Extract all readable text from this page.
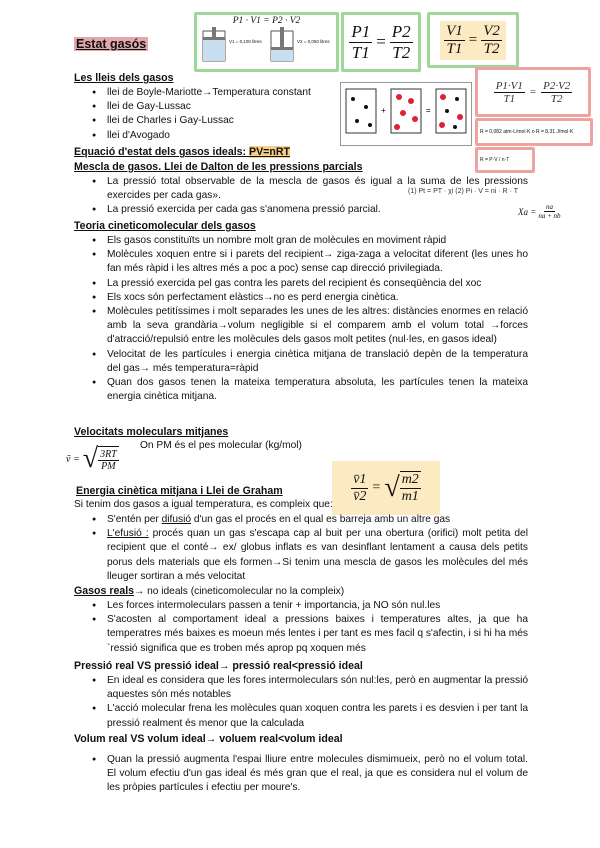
Estat gasós
P1 · V1 = P2 · V2
V1 = 0,100 litres	V2 = 0,050 litres	$\frac{P1}{T1} = \frac{P2}{T2} \frac{V1}{T1} = \frac{V2}{T2}$
$\frac{P1\cdot V1}{T1} = \frac{P2\cdot V2}{T2}$
+	=
R = 0,082 atm·L/mol·K o R = 8,31 J/mol·K
R = P·V / n·T
Les lleis dels gasos
● llei de Boyle-Mariotte→Temperatura constant
● llei de Gay-Lussac
● llei de Charles i Gay-Lussac
● llei d'Avogado
Equació d'estat dels gasos ideals: PV=nRT
Mescla de gasos. Llei de Dalton de les pressions parcials
● La pressió total observable de la mescla de gasos és igual a la suma de les pressions exercides per cada gas».
● La pressió exercida per cada gas s'anomena pressió parcial.
(1) Pt = PT · χi (2) Pi · V = ni · R · T
$Xa = \frac{na}{na + nb}$
Teoria cineticomolecular dels gasos
● Els gasos constituïts un nombre molt gran de molècules en moviment ràpid
● Molècules xoquen entre si i parets del recipient→ ziga-zaga a velocitat diferent (les unes ho fan més ràpid i les altres més a poc a poc) sense cap direcció privilegiada.
● La pressió exercida pel gas contra les parets del recipient és conseqüència del xoc
● Els xocs són perfectament elàstics→no es perd energia cinètica.
● Molècules petitíssimes i molt separades les unes de les altres: distàncies enormes en relació amb la seva grandària→volum negligible si el comparem amb el volum total →forces d'atracció/repulsió entre les molècules dels gasos molt petites (nul·les, en gasos ideal)
● Velocitat de les partícules i energia cinètica mitjana de translació depèn de la temperatura del gas→ més temperatura=ràpid
● Quan dos gasos tenen la mateixa temperatura absoluta, les partícules tenen la mateixa energia cinètica mitjana.
Velocitats moleculars mitjanes
On PM és el pes molecular (kg/mol)
ṽ = √ $\frac{3RT}{PM}$
$\frac{v̄1}{v̄2}$ = √ $\frac{m2}{m1}$
Energia cinètica mitjana i Llei de Graham
Si tenim dos gasos a igual temperatura, es compleix que:
● S'entén per difusió d'un gas el procés en el qual es barreja amb un altre gas
● L'efusió : procés quan un gas s'escapa cap al buit per una obertura (orifici) molt petita del recipient que el conté→ ex/ globus inflats es van desinflant lentament a causa dels petits porus dels materials que els formen→Si tenim una mescla de gasos les molècules del més lleuger sortiran a més velocitat
Gasos reals→ no ideals (cineticomolecular no la compleix)
● Les forces intermoleculars passen a tenir + importancia, ja NO són nul.les
● S'acosten al comportament ideal a pressions baixes i temperatures altes, ja que ha temperatres més baixes es moeun més lentes i per tant es mes facil q s'afectin, i si hi ha més `ressió significa que es troben més aprop pq xoquen més
Pressió real VS pressió ideal→ pressió real<pressió ideal
● En ideal es considera que les fores intermoleculars són nul:les, però en augmentar la pressió aquestes són més notables
● L'acció molecular frena les molècules quan xoquen contra les parets i es desvien i per tant la pressió realment és menor que la calculada
Volum real VS volum ideal→ voluem real<volum ideal
● Quan la pressió augmenta l'espai lliure entre molecules dismimueix, però no el volum total. El volum efectiu d'un gas ideal és més gran que el real, ja que es considera nul el volum de les pròpies partícules i efectiu per moure's.
